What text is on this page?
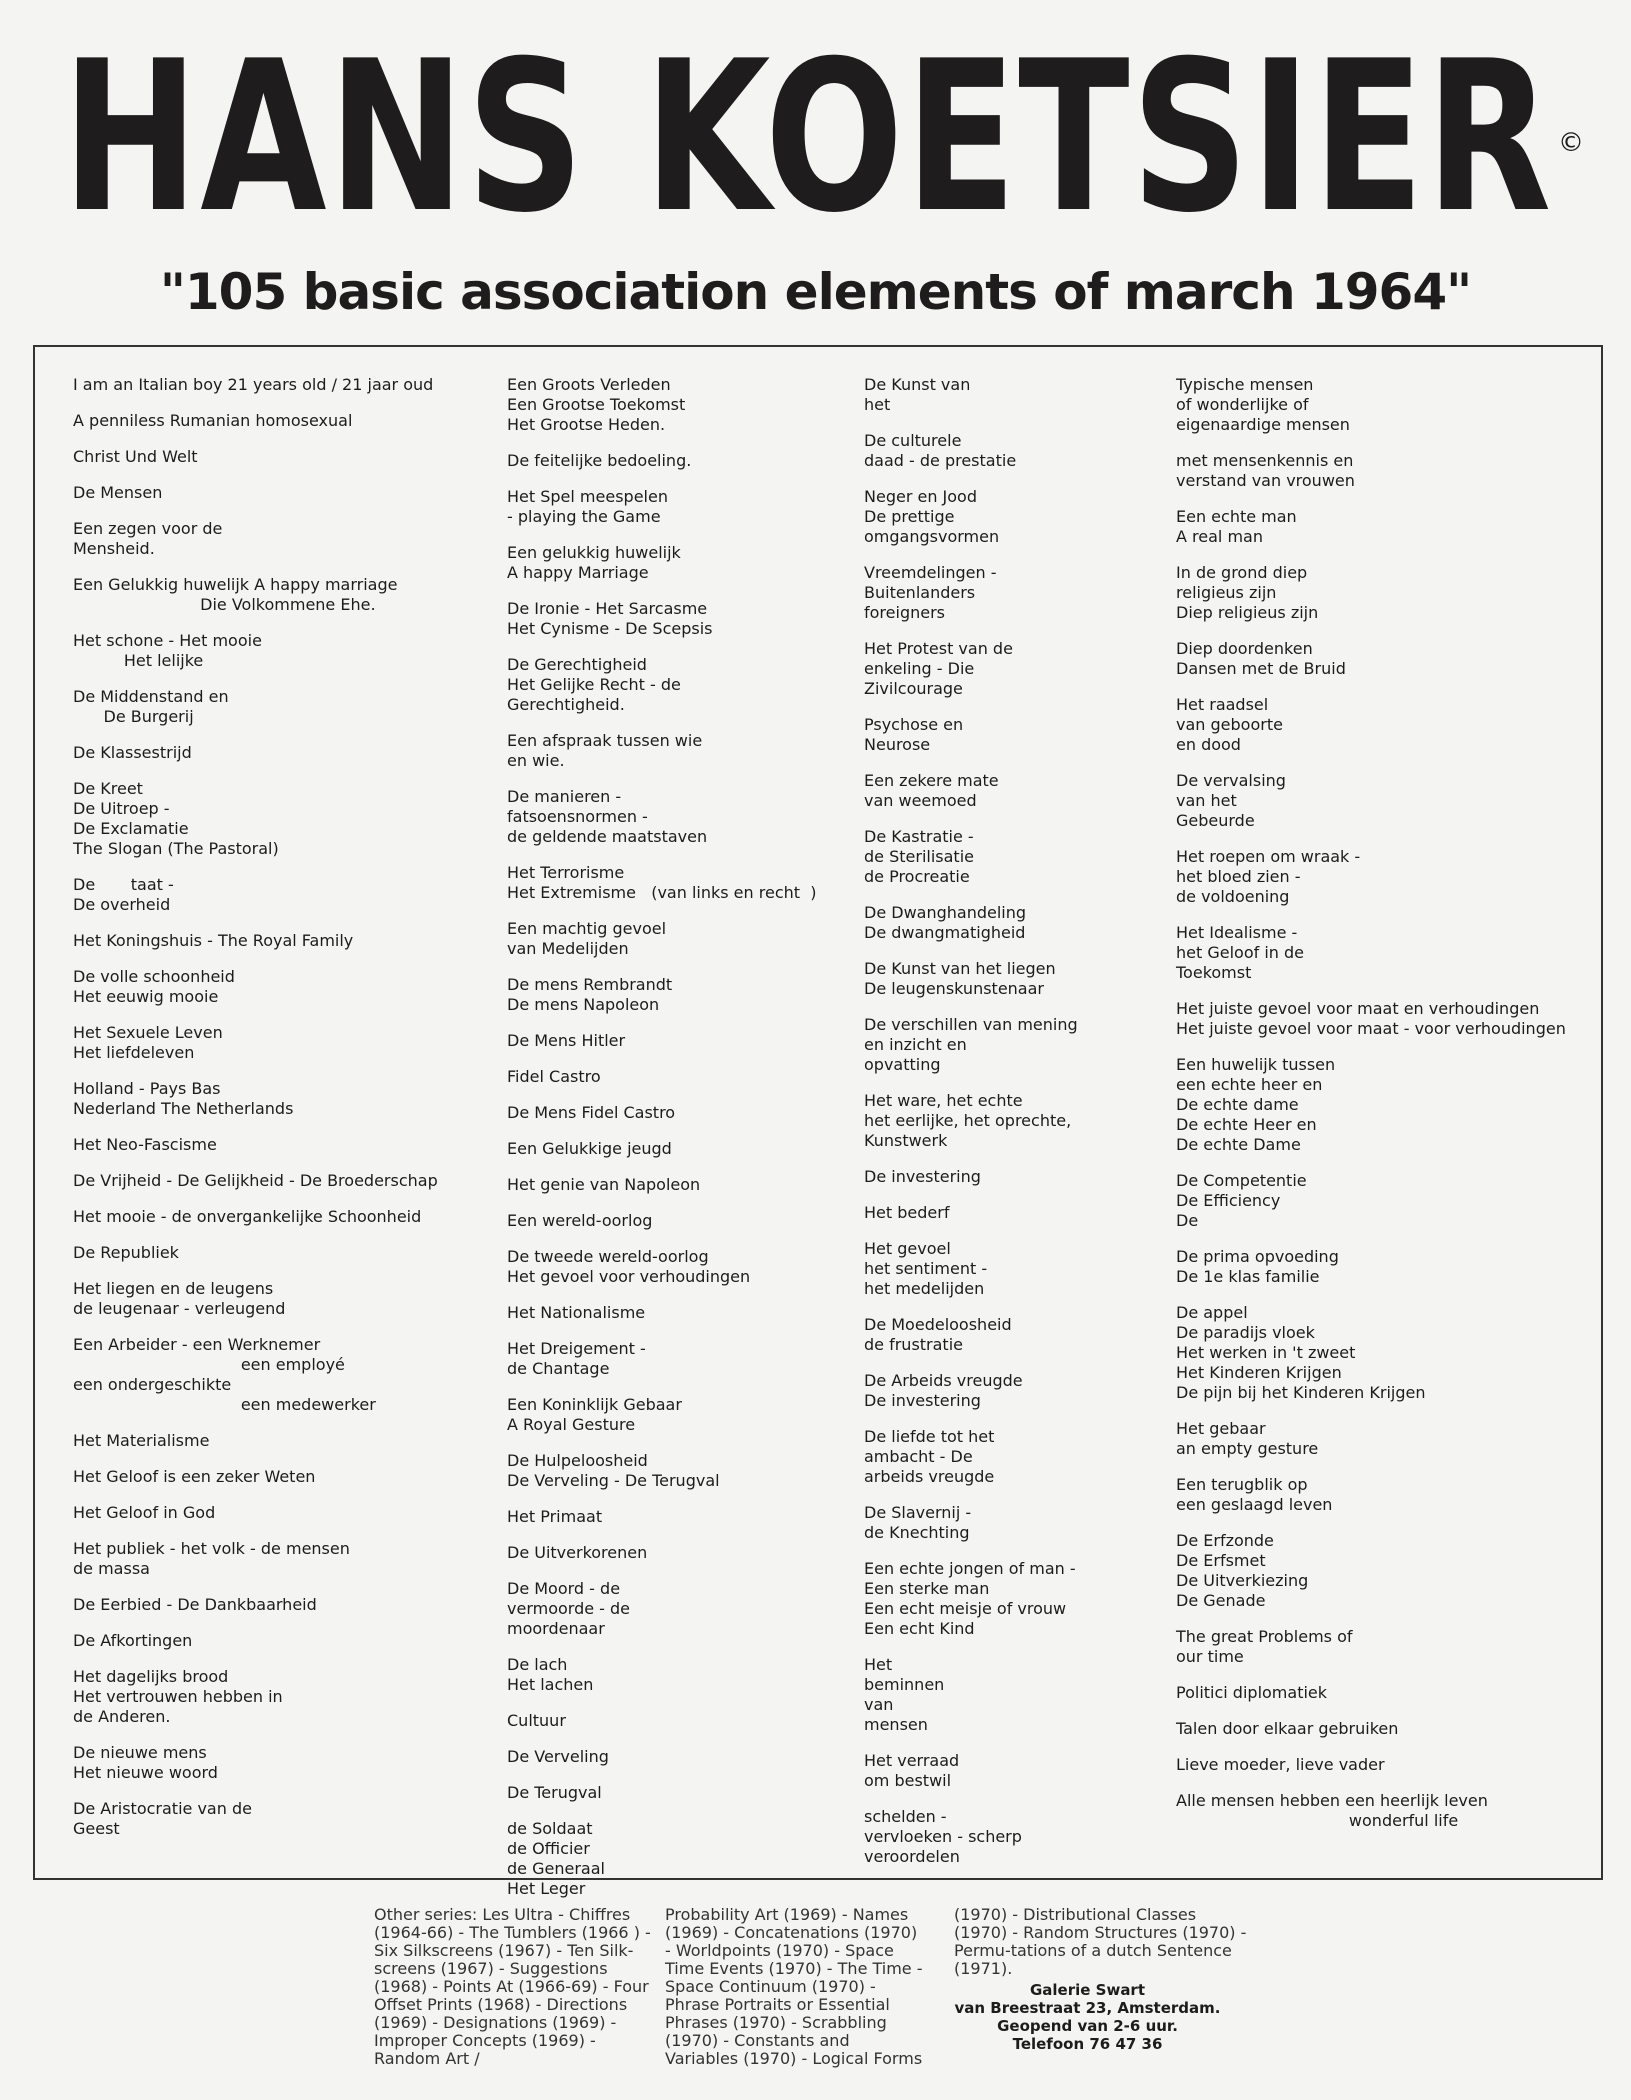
HANS KOETSIER ©
"105 basic association elements of march 1964"
I am an Italian boy 21 years old / 21 jaar oud
A penniless Rumanian homosexual
Christ Und Welt
De Mensen
Een zegen voor de
Mensheid.
Een Gelukkig huwelijk A happy marriage
Die Volkommene Ehe.
Het schone - Het mooie
Het lelijke
De Middenstand en
De Burgerij
De Klassestrijd
De Kreet
De Uitroep -
De Exclamatie
The Slogan (The Pastoral)
De       taat -
De overheid
Het Koningshuis - The Royal Family
De volle schoonheid
Het eeuwig mooie
Het Sexuele Leven
Het liefdeleven
Holland - Pays Bas
Nederland The Netherlands
Het Neo-Fascisme
De Vrijheid - De Gelijkheid - De Broederschap
Het mooie - de onvergankelijke Schoonheid
De Republiek
Het liegen en de leugens
de leugenaar - verleugend
Een Arbeider - een Werknemer
een employé
een ondergeschikte
een medewerker
Het Materialisme
Het Geloof is een zeker Weten
Het Geloof in God
Het publiek - het volk - de mensen
de massa
De Eerbied - De Dankbaarheid
De Afkortingen
Het dagelijks brood
Het vertrouwen hebben in
de Anderen.
De nieuwe mens
Het nieuwe woord
De Aristocratie van de
Geest
Een Groots Verleden
Een Grootse Toekomst
Het Grootse Heden.
De feitelijke bedoeling.
Het Spel meespelen
- playing the Game
Een gelukkig huwelijk
A happy Marriage
De Ironie - Het Sarcasme
Het Cynisme - De Scepsis
De Gerechtigheid
Het Gelijke Recht - de
Gerechtigheid.
Een afspraak tussen wie
en wie.
De manieren -
fatsoensnormen -
de geldende maatstaven
Het Terrorisme
Het Extremisme   (van links en recht  )
Een machtig gevoel
van Medelijden
De mens Rembrandt
De mens Napoleon
De Mens Hitler
Fidel Castro
De Mens Fidel Castro
Een Gelukkige jeugd
Het genie van Napoleon
Een wereld-oorlog
De tweede wereld-oorlog
Het gevoel voor verhoudingen
Het Nationalisme
Het Dreigement -
de Chantage
Een Koninklijk Gebaar
A Royal Gesture
De Hulpeloosheid
De Verveling - De Terugval
Het Primaat
De Uitverkorenen
De Moord - de
vermoorde - de
moordenaar
De lach
Het lachen
Cultuur
De Verveling
De Terugval
de Soldaat
de Officier
de Generaal
Het Leger
De Kunst van
het
De culturele
daad - de prestatie
Neger en Jood
De prettige
omgangsvormen
Vreemdelingen -
Buitenlanders
foreigners
Het Protest van de
enkeling - Die
Zivilcourage
Psychose en
Neurose
Een zekere mate
van weemoed
De Kastratie -
de Sterilisatie
de Procreatie
De Dwanghandeling
De dwangmatigheid
De Kunst van het liegen
De leugenskunstenaar
De verschillen van mening
en inzicht en
opvatting
Het ware, het echte
het eerlijke, het oprechte,
Kunstwerk
De investering
Het bederf
Het gevoel
het sentiment -
het medelijden
De Moedeloosheid
de frustratie
De Arbeids vreugde
De investering
De liefde tot het
ambacht - De
arbeids vreugde
De Slavernij -
de Knechting
Een echte jongen of man -
Een sterke man
Een echt meisje of vrouw
Een echt Kind
Het
beminnen
van
mensen
Het verraad
om bestwil
schelden -
vervloeken - scherp
veroordelen
Typische mensen
of wonderlijke of
eigenaardige mensen
met mensenkennis en
verstand van vrouwen
Een echte man
A real man
In de grond diep
religieus zijn
Diep religieus zijn
Diep doordenken
Dansen met de Bruid
Het raadsel
van geboorte
en dood
De vervalsing
van het
Gebeurde
Het roepen om wraak -
het bloed zien -
de voldoening
Het Idealisme -
het Geloof in de
Toekomst
Het juiste gevoel voor maat en verhoudingen
Het juiste gevoel voor maat - voor verhoudingen
Een huwelijk tussen
een echte heer en
De echte dame
De echte Heer en
De echte Dame
De Competentie
De Efficiency
De
De prima opvoeding
De 1e klas familie
De appel
De paradijs vloek
Het werken in 't zweet
Het Kinderen Krijgen
De pijn bij het Kinderen Krijgen
Het gebaar
an empty gesture
Een terugblik op
een geslaagd leven
De Erfzonde
De Erfsmet
De Uitverkiezing
De Genade
The great Problems of
our time
Politici diplomatiek
Talen door elkaar gebruiken
Lieve moeder, lieve vader
Alle mensen hebben een heerlijk leven
wonderful life
Other series: Les Ultra - Chiffres (1964-66) - The Tumblers (1966 ) - Six Silkscreens (1967) - Ten Silk-screens (1967) - Suggestions (1968) - Points At (1966-69) - Four Offset Prints (1968) - Directions (1969) - Designations (1969) - Improper Concepts (1969) - Random Art /
Probability Art (1969) - Names (1969) - Concatenations (1970) - Worldpoints (1970) - Space Time Events (1970) - The Time - Space Continuum (1970) - Phrase Portraits or Essential Phrases (1970) - Scrabbling (1970) - Constants and Variables (1970) - Logical Forms
(1970) - Distributional Classes (1970) - Random Structures (1970) - Permu-tations of a dutch Sentence (1971).
Galerie Swart
van Breestraat 23, Amsterdam.
Geopend van 2-6 uur.
Telefoon 76 47 36
